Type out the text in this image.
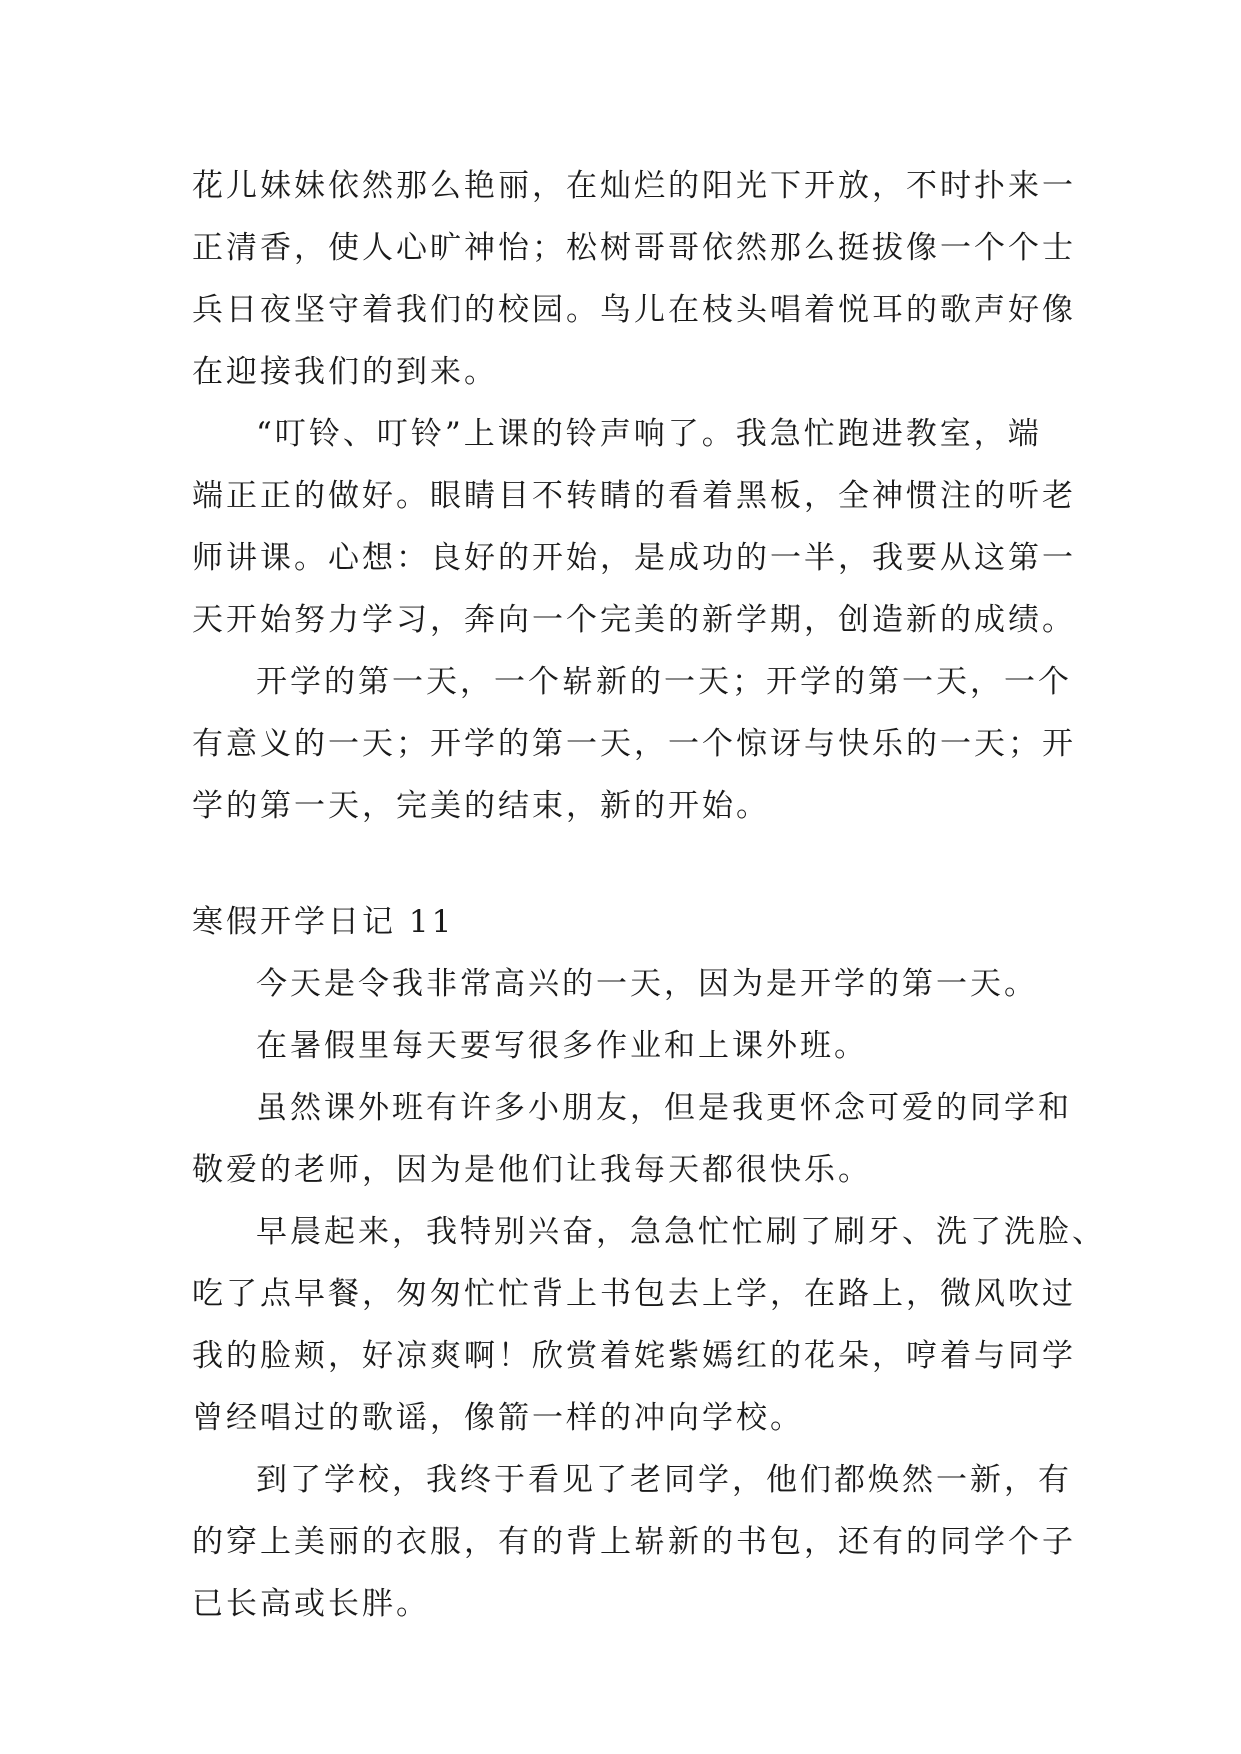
花儿妹妹依然那么艳丽，在灿烂的阳光下开放，不时扑来一
正清香，使人心旷神怡；松树哥哥依然那么挺拔像一个个士
兵日夜坚守着我们的校园。鸟儿在枝头唱着悦耳的歌声好像
在迎接我们的到来。
“叮铃、叮铃”上课的铃声响了。我急忙跑进教室，端
端正正的做好。眼睛目不转睛的看着黑板，全神惯注的听老
师讲课。心想：良好的开始，是成功的一半，我要从这第一
天开始努力学习，奔向一个完美的新学期，创造新的成绩。
开学的第一天，一个崭新的一天；开学的第一天，一个
有意义的一天；开学的第一天，一个惊讶与快乐的一天；开
学的第一天，完美的结束，新的开始。
寒假开学日记 11
今天是令我非常高兴的一天，因为是开学的第一天。
在暑假里每天要写很多作业和上课外班。
虽然课外班有许多小朋友，但是我更怀念可爱的同学和
敬爱的老师，因为是他们让我每天都很快乐。
早晨起来，我特别兴奋，急急忙忙刷了刷牙、洗了洗脸、
吃了点早餐，匆匆忙忙背上书包去上学，在路上，微风吹过
我的脸颊，好凉爽啊！欣赏着姹紫嫣红的花朵，哼着与同学
曾经唱过的歌谣，像箭一样的冲向学校。
到了学校，我终于看见了老同学，他们都焕然一新，有
的穿上美丽的衣服，有的背上崭新的书包，还有的同学个子
已长高或长胖。
